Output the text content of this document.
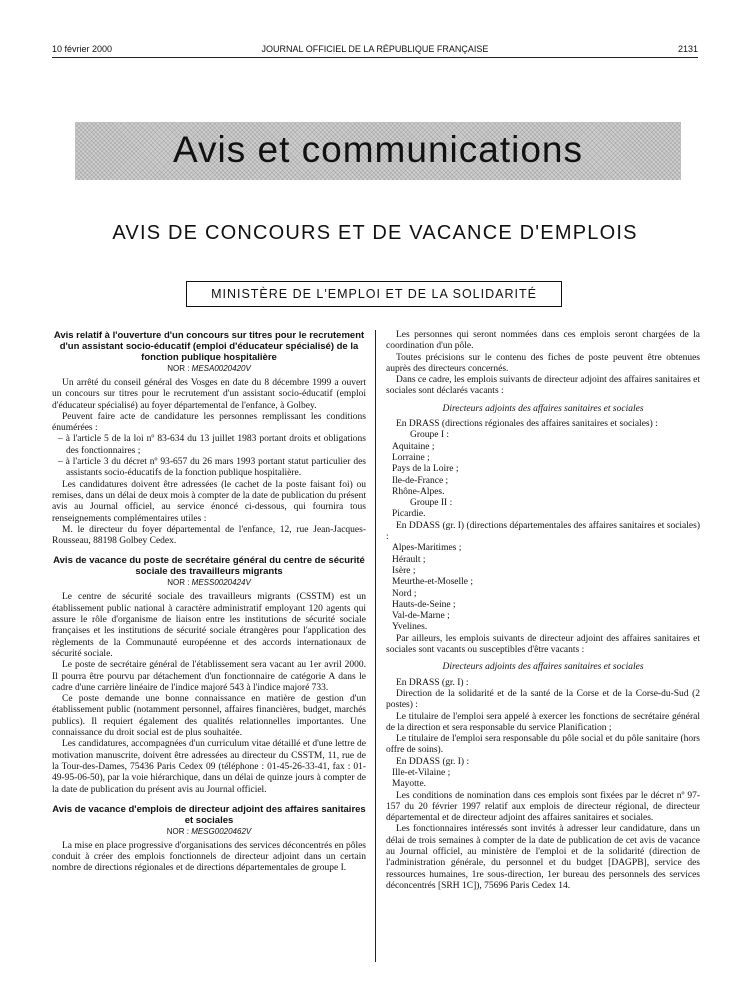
10 février 2000	JOURNAL OFFICIEL DE LA RÉPUBLIQUE FRANÇAISE	2131
Avis et communications
AVIS DE CONCOURS ET DE VACANCE D'EMPLOIS
MINISTÈRE DE L'EMPLOI ET DE LA SOLIDARITÉ
Avis relatif à l'ouverture d'un concours sur titres pour le recrutement d'un assistant socio-éducatif (emploi d'éducateur spécialisé) de la fonction publique hospitalière
NOR : MESA0020420V

Un arrêté du conseil général des Vosges en date du 8 décembre 1999 a ouvert un concours sur titres pour le recrutement d'un assistant socio-éducatif (emploi d'éducateur spécialisé) au foyer départemental de l'enfance, à Golbey.

Peuvent faire acte de candidature les personnes remplissant les conditions énumérées :

– à l'article 5 de la loi nº 83-634 du 13 juillet 1983 portant droits et obligations des fonctionnaires ;

– à l'article 3 du décret nº 93-657 du 26 mars 1993 portant statut particulier des assistants socio-éducatifs de la fonction publique hospitalière.

Les candidatures doivent être adressées (le cachet de la poste faisant foi) ou remises, dans un délai de deux mois à compter de la date de publication du présent avis au Journal officiel, au service énoncé ci-dessous, qui fournira tous renseignements complémentaires utiles :

M. le directeur du foyer départemental de l'enfance, 12, rue Jean-Jacques-Rousseau, 88198 Golbey Cedex.

Avis de vacance du poste de secrétaire général du centre de sécurité sociale des travailleurs migrants
NOR : MESS0020424V

Le centre de sécurité sociale des travailleurs migrants (CSSTM) est un établissement public national à caractère administratif employant 120 agents qui assure le rôle d'organisme de liaison entre les institutions de sécurité sociale françaises et les institutions de sécurité sociale étrangères pour l'application des règlements de la Communauté européenne et des accords internationaux de sécurité sociale.

Le poste de secrétaire général de l'établissement sera vacant au 1er avril 2000. Il pourra être pourvu par détachement d'un fonctionnaire de catégorie A dans le cadre d'une carrière linéaire de l'indice majoré 543 à l'indice majoré 733.

Ce poste demande une bonne connaissance en matière de gestion d'un établissement public (notamment personnel, affaires financières, budget, marchés publics). Il requiert également des qualités relationnelles importantes. Une connaissance du droit social est de plus souhaitée.

Les candidatures, accompagnées d'un curriculum vitae détaillé et d'une lettre de motivation manuscrite, doivent être adressées au directeur du CSSTM, 11, rue de la Tour-des-Dames, 75436 Paris Cedex 09 (téléphone : 01-45-26-33-41, fax : 01-49-95-06-50), par la voie hiérarchique, dans un délai de quinze jours à compter de la date de publication du présent avis au Journal officiel.

Avis de vacance d'emplois de directeur adjoint des affaires sanitaires et sociales
NOR : MESG0020462V

La mise en place progressive d'organisations des services déconcentrés en pôles conduit à créer des emplois fonctionnels de directeur adjoint dans un certain nombre de directions régionales et de directions départementales de groupe I.

Les personnes qui seront nommées dans ces emplois seront chargées de la coordination d'un pôle.

Toutes précisions sur le contenu des fiches de poste peuvent être obtenues auprès des directeurs concernés.

Dans ce cadre, les emplois suivants de directeur adjoint des affaires sanitaires et sociales sont déclarés vacants :

Directeurs adjoints des affaires sanitaires et sociales

En DRASS (directions régionales des affaires sanitaires et sociales) :

Groupe I :

Aquitaine ;

Lorraine ;

Pays de la Loire ;

Ile-de-France ;

Rhône-Alpes.

Groupe II :

Picardie.

En DDASS (gr. I) (directions départementales des affaires sanitaires et sociales) :

Alpes-Maritimes ;

Hérault ;

Isère ;

Meurthe-et-Moselle ;

Nord ;

Hauts-de-Seine ;

Val-de-Marne ;

Yvelines.

Par ailleurs, les emplois suivants de directeur adjoint des affaires sanitaires et sociales sont vacants ou susceptibles d'être vacants :

Directeurs adjoints des affaires sanitaires et sociales

En DRASS (gr. I) :

Direction de la solidarité et de la santé de la Corse et de la Corse-du-Sud (2 postes) :

Le titulaire de l'emploi sera appelé à exercer les fonctions de secrétaire général de la direction et sera responsable du service Planification ;

Le titulaire de l'emploi sera responsable du pôle social et du pôle sanitaire (hors offre de soins).

En DDASS (gr. I) :

Ille-et-Vilaine ;

Mayotte.

Les conditions de nomination dans ces emplois sont fixées par le décret nº 97-157 du 20 février 1997 relatif aux emplois de directeur régional, de directeur départemental et de directeur adjoint des affaires sanitaires et sociales.

Les fonctionnaires intéressés sont invités à adresser leur candidature, dans un délai de trois semaines à compter de la date de publication de cet avis de vacance au Journal officiel, au ministère de l'emploi et de la solidarité (direction de l'administration générale, du personnel et du budget [DAGPB], service des ressources humaines, 1re sous-direction, 1er bureau des personnels des services déconcentrés [SRH 1C]), 75696 Paris Cedex 14.
